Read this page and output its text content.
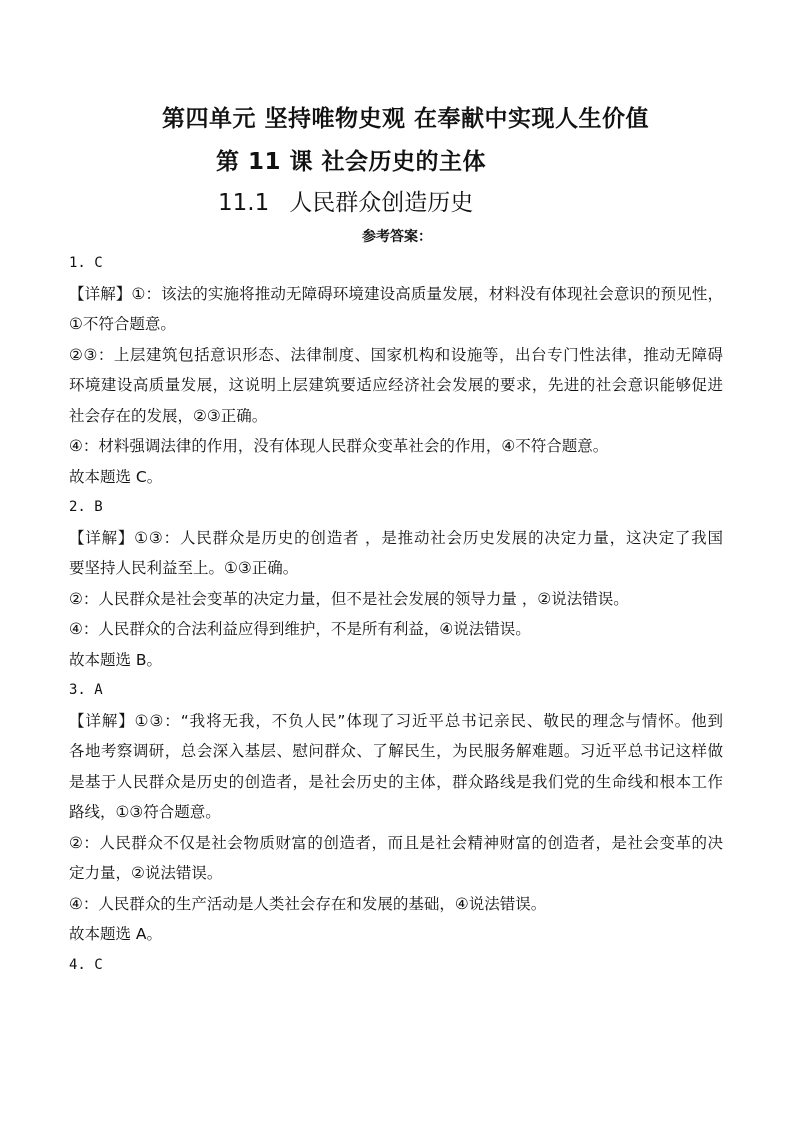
第四单元 坚持唯物史观 在奉献中实现人生价值
第 11 课 社会历史的主体
11.1 人民群众创造历史
参考答案：
1. C
【详解】①：该法的实施将推动无障碍环境建设高质量发展，材料没有体现社会意识的预见性，
①不符合题意。
②③：上层建筑包括意识形态、法律制度、国家机构和设施等，出台专门性法律，推动无障碍
环境建设高质量发展，这说明上层建筑要适应经济社会发展的要求，先进的社会意识能够促进
社会存在的发展，②③正确。
④：材料强调法律的作用，没有体现人民群众变革社会的作用，④不符合题意。
故本题选 C。
2. B
【详解】①③：人民群众是历史的创造者 ，是推动社会历史发展的决定力量，这决定了我国
要坚持人民利益至上。①③正确。
②：人民群众是社会变革的决定力量，但不是社会发展的领导力量 ，②说法错误。
④：人民群众的合法利益应得到维护，不是所有利益，④说法错误。
故本题选 B。
3. A
【详解】①③：“我将无我，不负人民”体现了习近平总书记亲民、敬民的理念与情怀。他到
各地考察调研，总会深入基层、慰问群众、了解民生，为民服务解难题。习近平总书记这样做
是基于人民群众是历史的创造者，是社会历史的主体，群众路线是我们党的生命线和根本工作
路线，①③符合题意。
②：人民群众不仅是社会物质财富的创造者，而且是社会精神财富的创造者，是社会变革的决
定力量，②说法错误。
④：人民群众的生产活动是人类社会存在和发展的基础，④说法错误。
故本题选 A。
4. C
